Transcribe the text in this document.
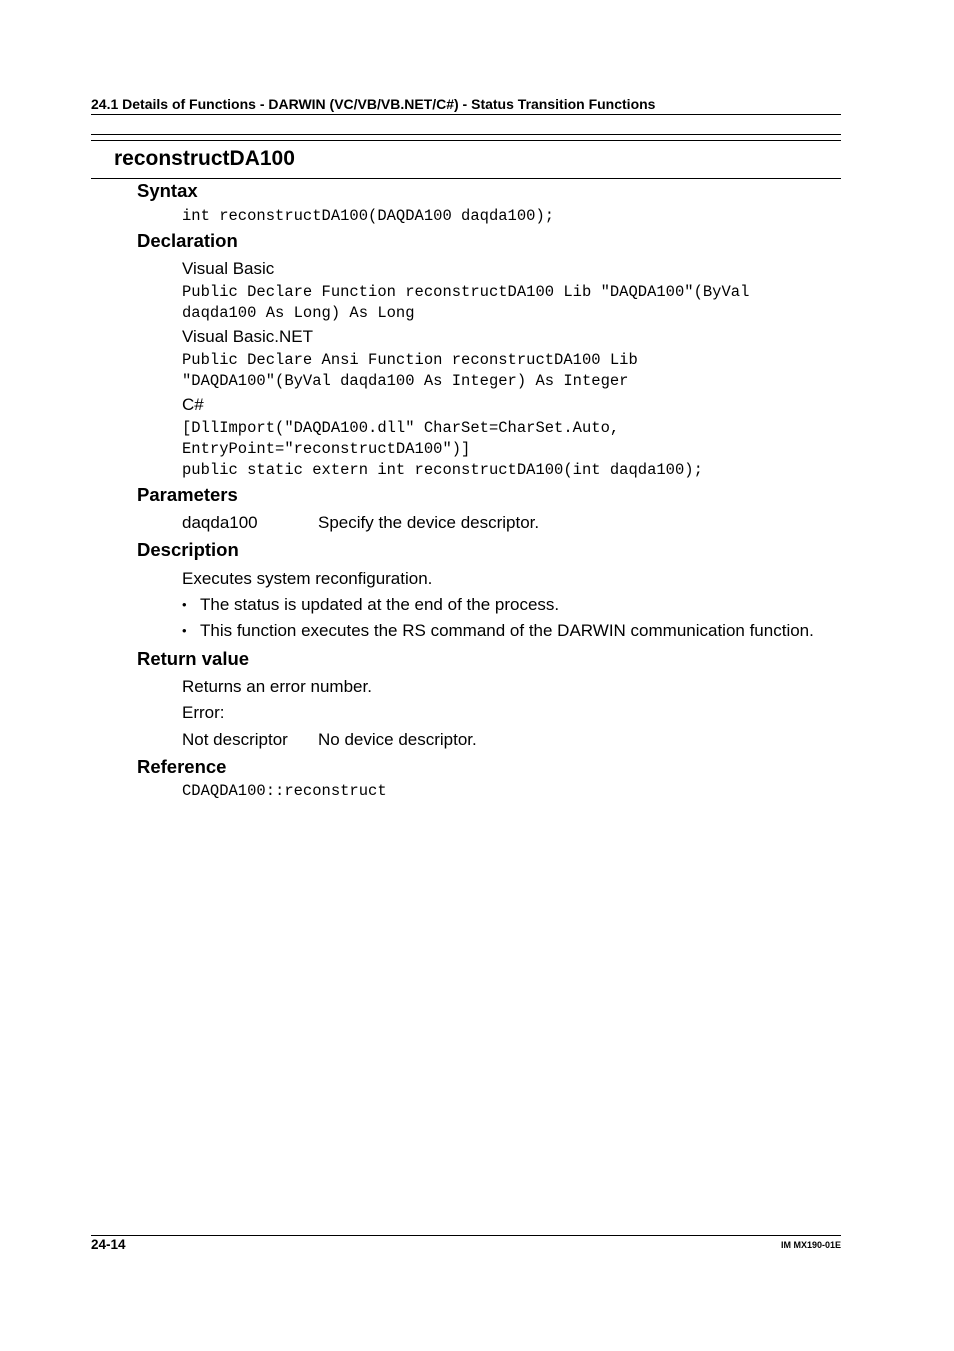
24.1 Details of Functions - DARWIN (VC/VB/VB.NET/C#) - Status Transition Functions
reconstructDA100
Syntax
int reconstructDA100(DAQDA100 daqda100);
Declaration
Visual Basic
Public Declare Function reconstructDA100 Lib "DAQDA100"(ByVal
daqda100 As Long) As Long
Visual Basic.NET
Public Declare Ansi Function reconstructDA100 Lib
"DAQDA100"(ByVal daqda100 As Integer) As Integer
C#
[DllImport("DAQDA100.dll" CharSet=CharSet.Auto,
EntryPoint="reconstructDA100")]
public static extern int reconstructDA100(int daqda100);
Parameters
daqda100	Specify the device descriptor.
Description
Executes system reconfiguration.
• The status is updated at the end of the process.
• This function executes the RS command of the DARWIN communication function.
Return value
Returns an error number.
Error:
Not descriptor No device descriptor.
Reference
CDAQDA100::reconstruct
24-14	IM MX190-01E
